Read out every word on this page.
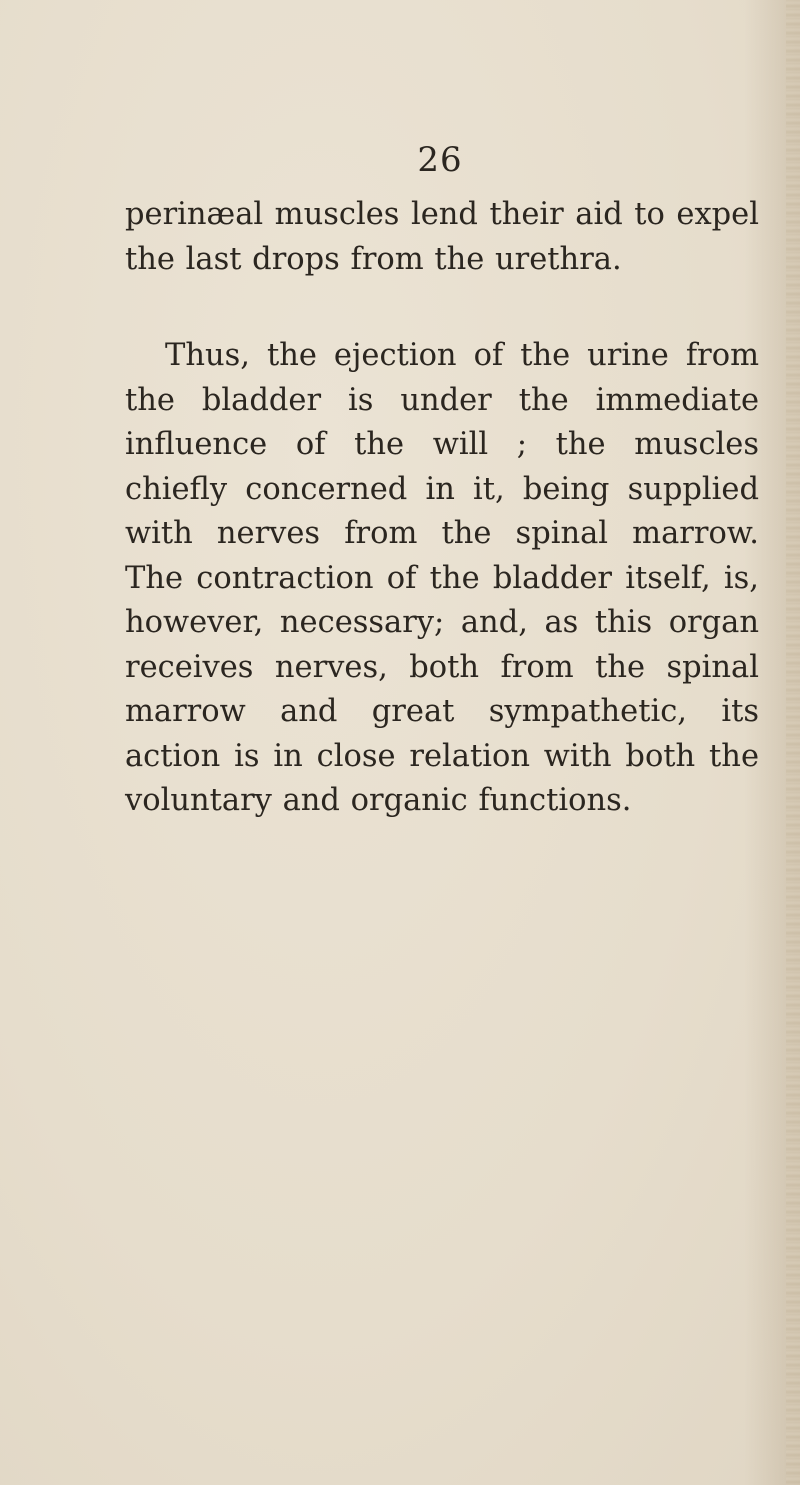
26

perinæal muscles lend their aid to expel the last drops from the urethra.

Thus, the ejection of the urine from the bladder is under the immediate influence of the will ; the muscles chiefly concerned in it, being supplied with nerves from the spinal marrow. The contraction of the bladder itself, is, however, necessary; and, as this organ receives nerves, both from the spinal marrow and great sympathetic, its action is in close relation with both the voluntary and organic functions.
